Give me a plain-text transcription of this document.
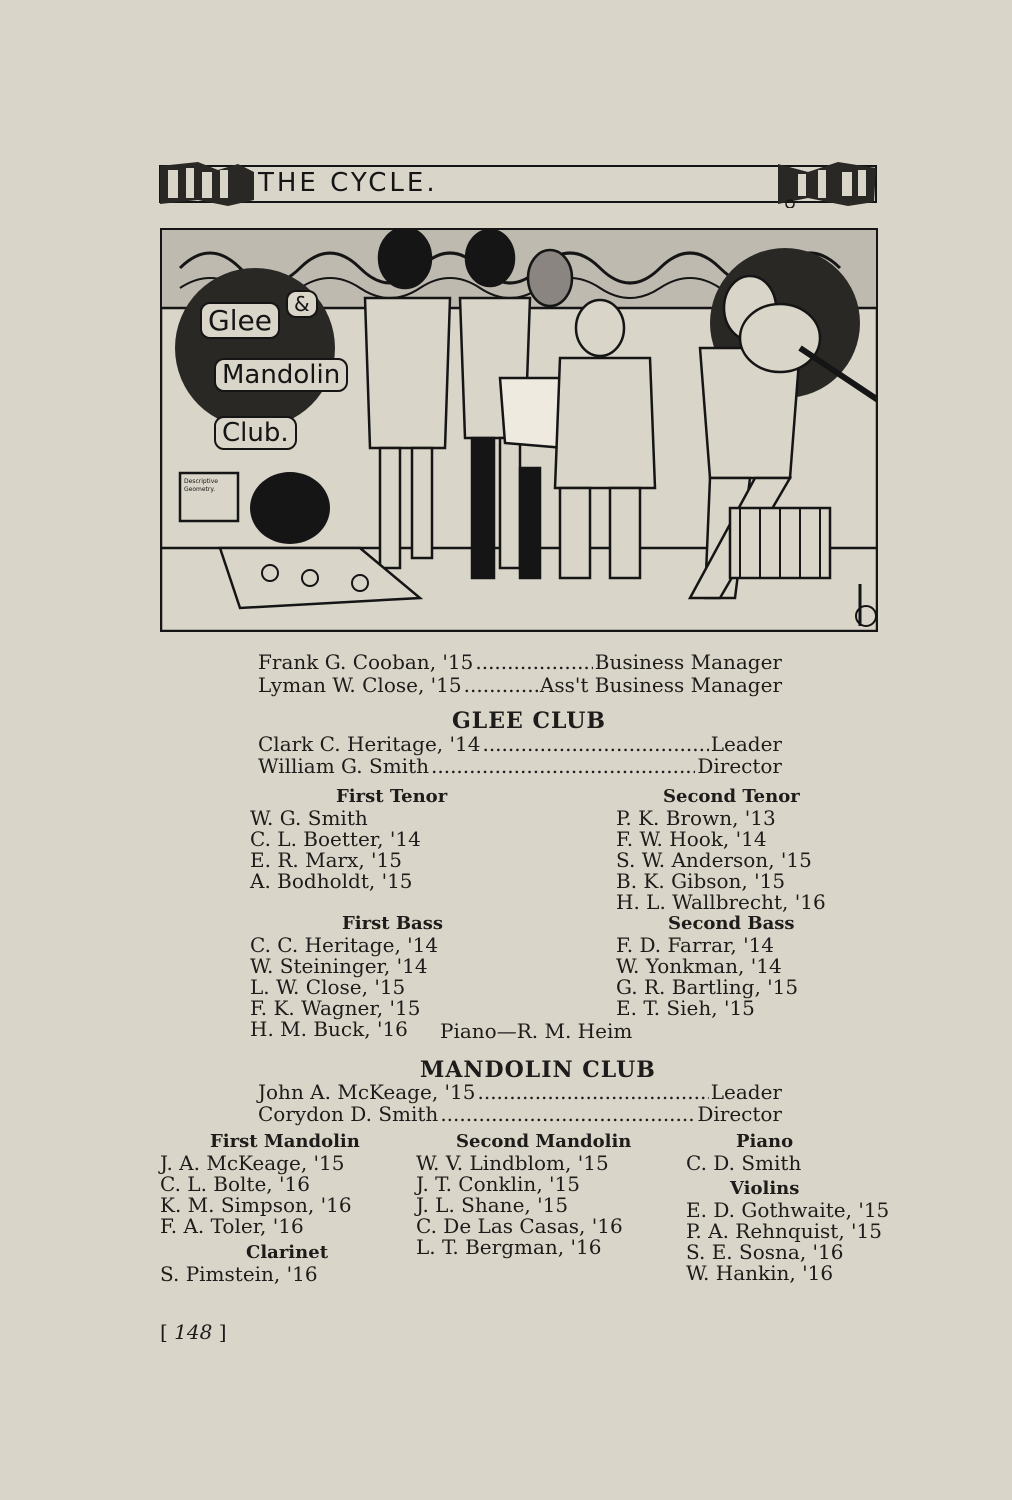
THE CYCLE.
Glee	&
Mandolin
Club.
Descriptive
Geometry.
Frank G. Cooban, '15 .....	Business Manager
Lyman W. Close, '15 .....	Ass't Business Manager
GLEE CLUB
Clark C. Heritage, '14 .....	Leader
William G. Smith .....	Director
First Tenor
W. G. Smith
C. L. Boetter, '14
E. R. Marx, '15
A. Bodholdt, '15
Second Tenor
P. K. Brown, '13
F. W. Hook, '14
S. W. Anderson, '15
B. K. Gibson, '15
H. L. Wallbrecht, '16
First Bass
C. C. Heritage, '14
W. Steininger, '14
L. W. Close, '15
F. K. Wagner, '15
H. M. Buck, '16
Second Bass
F. D. Farrar, '14
W. Yonkman, '14
G. R. Bartling, '15
E. T. Sieh, '15
Piano—R. M. Heim
MANDOLIN CLUB
John A. McKeage, '15 .....	Leader
Corydon D. Smith .....	Director
First Mandolin
J. A. McKeage, '15
C. L. Bolte, '16
K. M. Simpson, '16
F. A. Toler, '16
Clarinet
S. Pimstein, '16
Second Mandolin
W. V. Lindblom, '15
J. T. Conklin, '15
J. L. Shane, '15
C. De Las Casas, '16
L. T. Bergman, '16
Piano
C. D. Smith
Violins
E. D. Gothwaite, '15
P. A. Rehnquist, '15
S. E. Sosna, '16
W. Hankin, '16
[ 148 ]
